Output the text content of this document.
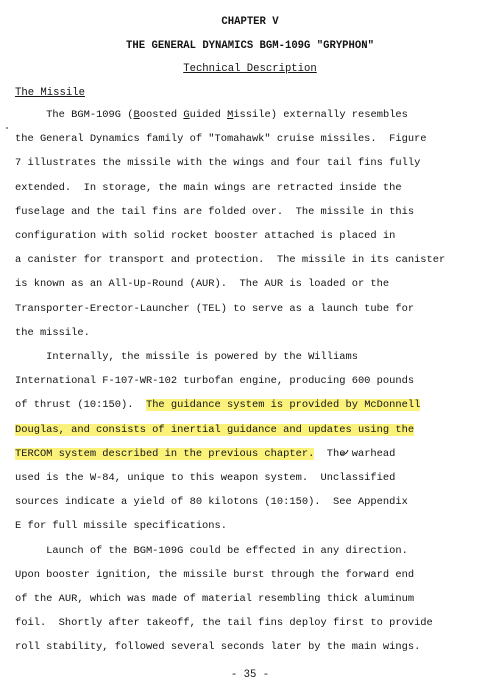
CHAPTER V
THE GENERAL DYNAMICS BGM-109G "GRYPHON"
Technical Description
The Missile
The BGM-109G (Boosted Guided Missile) externally resembles
the General Dynamics family of "Tomahawk" cruise missiles.  Figure
7 illustrates the missile with the wings and four tail fins fully
extended.  In storage, the main wings are retracted inside the
fuselage and the tail fins are folded over.  The missile in this
configuration with solid rocket booster attached is placed in
a canister for transport and protection.  The missile in its canister
is known as an All-Up-Round (AUR).  The AUR is loaded or the
Transporter-Erector-Launcher (TEL) to serve as a launch tube for
the missile.
Internally, the missile is powered by the Williams
International F-107-WR-102 turbofan engine, producing 600 pounds
of thrust (10:150).  The guidance system is provided by McDonnell
Douglas, and consists of inertial guidance and updates using the
TERCOM system described in the previous chapter.  The warhead
used is the W-84, unique to this weapon system.  Unclassified
sources indicate a yield of 80 kilotons (10:150).  See Appendix
E for full missile specifications.
Launch of the BGM-109G could be effected in any direction.
Upon booster ignition, the missile burst through the forward end
of the AUR, which was made of material resembling thick aluminum
foil.  Shortly after takeoff, the tail fins deploy first to provide
roll stability, followed several seconds later by the main wings.
- 35 -
